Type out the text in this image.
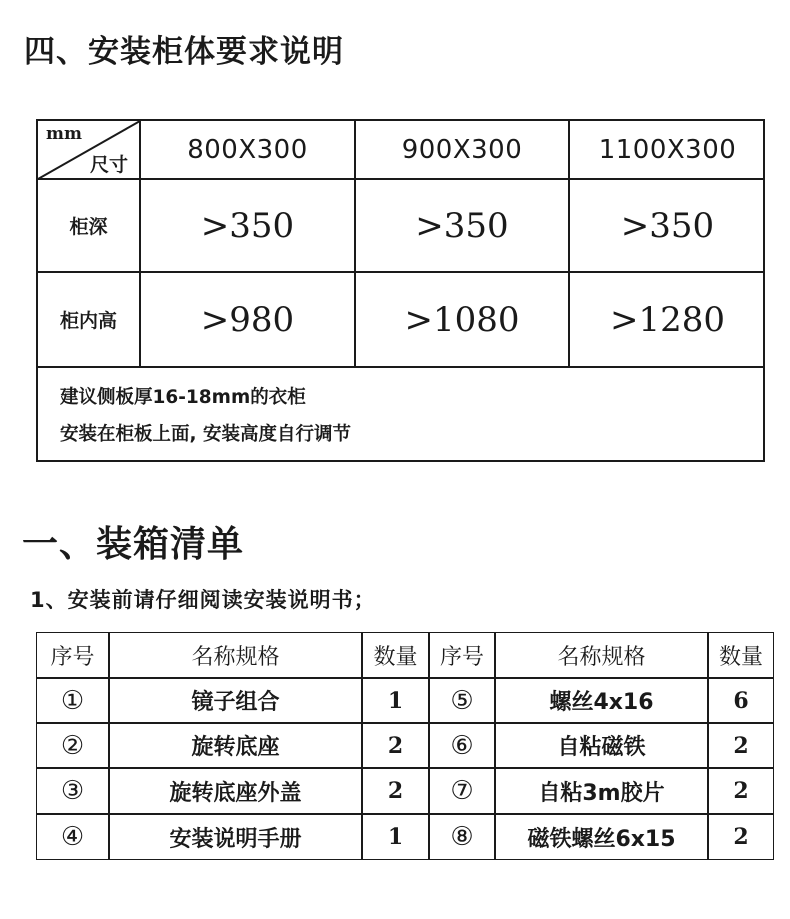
四、安装柜体要求说明
mm
尺寸
800X300	900X300	1100X300
柜深	>350	>350	>350
柜内高	>980	>1080	>1280
建议侧板厚16-18mm的衣柜
安装在柜板上面, 安装高度自行调节
一、装箱清单
1、安装前请仔细阅读安装说明书；
序号	名称规格	数量	序号	名称规格	数量
①	镜子组合	1	⑤	螺丝4x16	6
②	旋转底座	2	⑥	自粘磁铁	2
③	旋转底座外盖	2	⑦	自粘3m胶片	2
④	安装说明手册	1	⑧	磁铁螺丝6x15	2
